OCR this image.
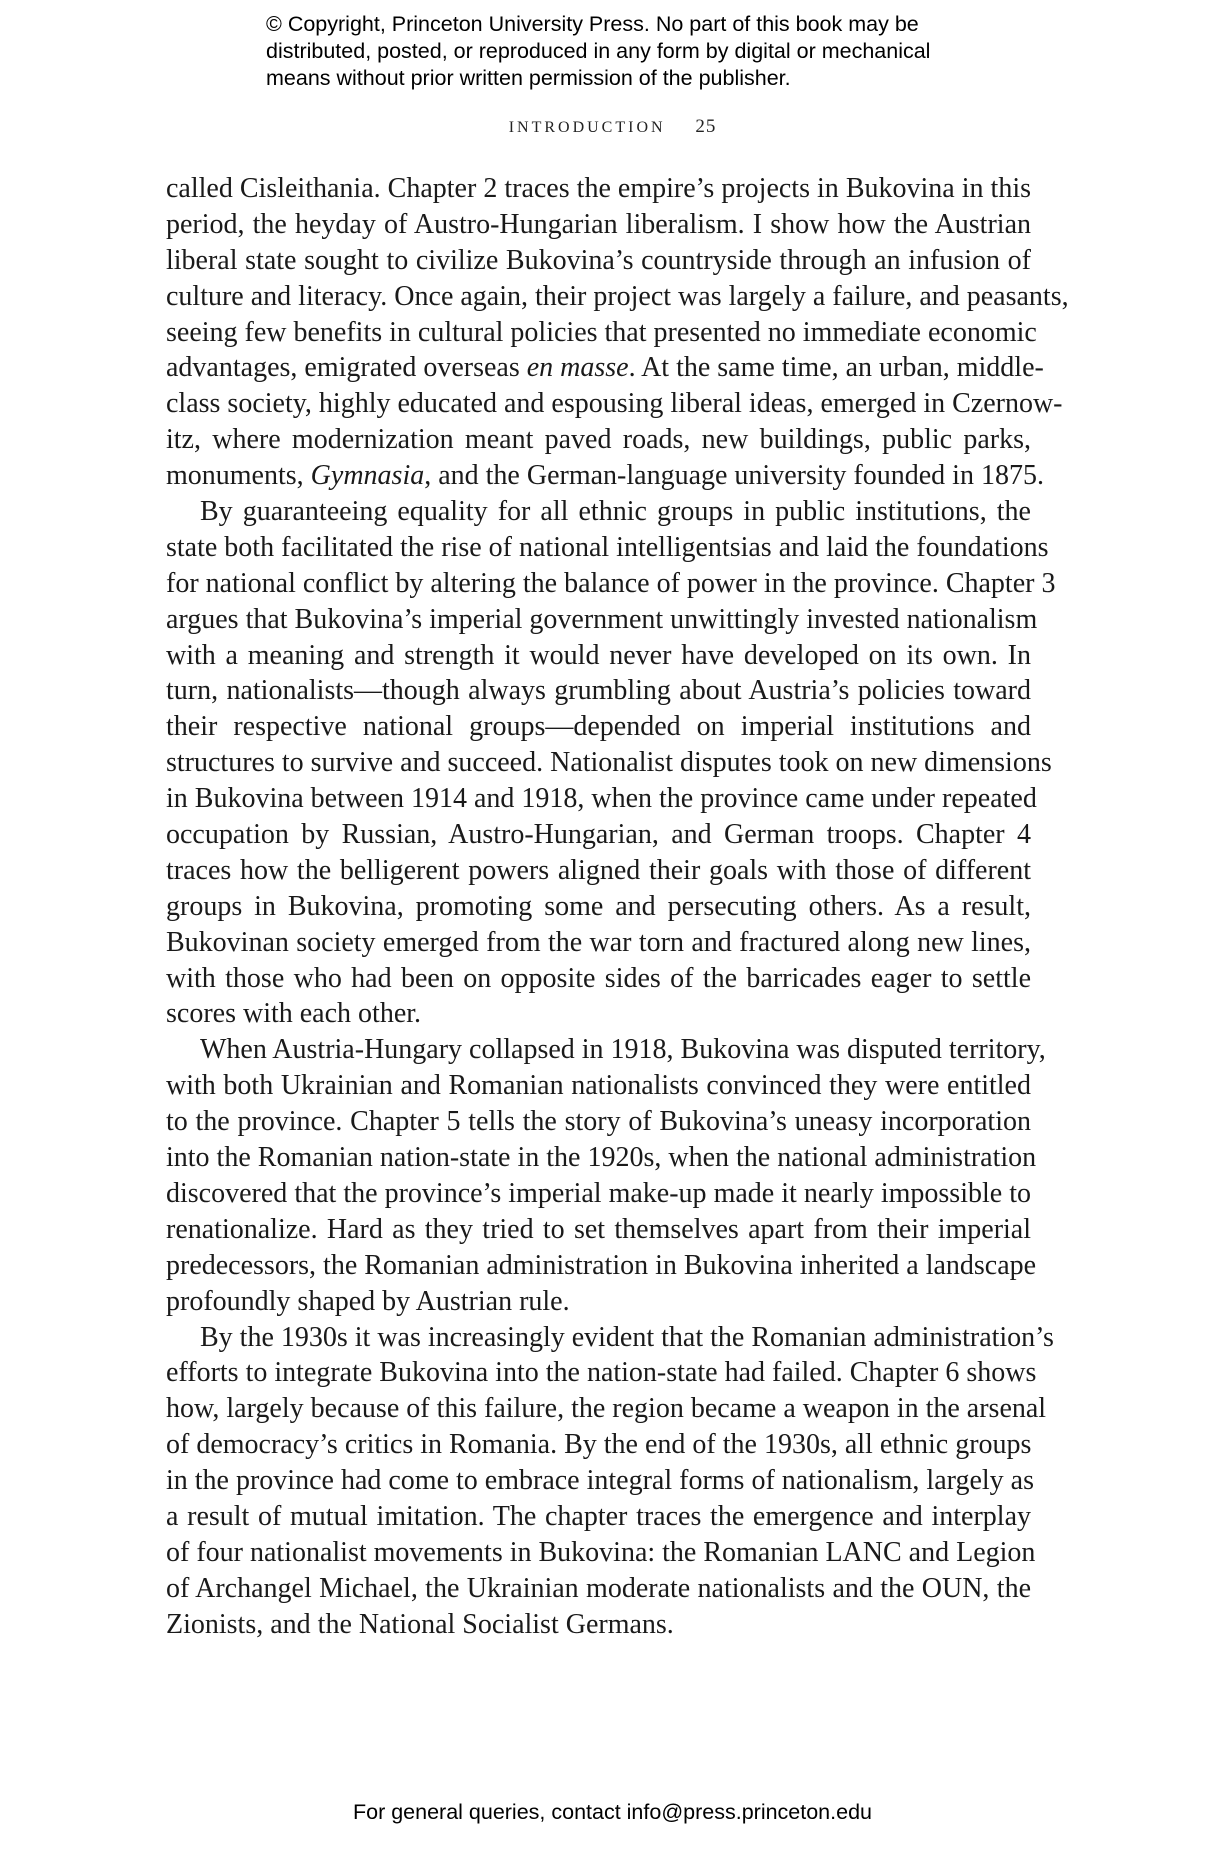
© Copyright, Princeton University Press. No part of this book may be
distributed, posted, or reproduced in any form by digital or mechanical
means without prior written permission of the publisher.
INTRODUCTION 25
called Cisleithania. Chapter 2 traces the empire’s projects in Bukovina in this
period, the heyday of Austro-Hungarian liberalism. I show how the Austrian
liberal state sought to civilize Bukovina’s countryside through an infusion of
culture and literacy. Once again, their project was largely a failure, and peasants,
seeing few benefits in cultural policies that presented no immediate economic
advantages, emigrated overseas en masse. At the same time, an urban, middle-
class society, highly educated and espousing liberal ideas, emerged in Czernow-
itz, where modernization meant paved roads, new buildings, public parks,
monuments, Gymnasia, and the German-language university founded in 1875.
By guaranteeing equality for all ethnic groups in public institutions, the
state both facilitated the rise of national intelligentsias and laid the foundations
for national conflict by altering the balance of power in the province. Chapter 3
argues that Bukovina’s imperial government unwittingly invested nationalism
with a meaning and strength it would never have developed on its own. In
turn, nationalists—though always grumbling about Austria’s policies toward
their respective national groups—depended on imperial institutions and
structures to survive and succeed. Nationalist disputes took on new dimensions
in Bukovina between 1914 and 1918, when the province came under repeated
occupation by Russian, Austro-Hungarian, and German troops. Chapter 4
traces how the belligerent powers aligned their goals with those of different
groups in Bukovina, promoting some and persecuting others. As a result,
Bukovinan society emerged from the war torn and fractured along new lines,
with those who had been on opposite sides of the barricades eager to settle
scores with each other.
When Austria-Hungary collapsed in 1918, Bukovina was disputed territory,
with both Ukrainian and Romanian nationalists convinced they were entitled
to the province. Chapter 5 tells the story of Bukovina’s uneasy incorporation
into the Romanian nation-state in the 1920s, when the national administration
discovered that the province’s imperial make-up made it nearly impossible to
renationalize. Hard as they tried to set themselves apart from their imperial
predecessors, the Romanian administration in Bukovina inherited a landscape
profoundly shaped by Austrian rule.
By the 1930s it was increasingly evident that the Romanian administration’s
efforts to integrate Bukovina into the nation-state had failed. Chapter 6 shows
how, largely because of this failure, the region became a weapon in the arsenal
of democracy’s critics in Romania. By the end of the 1930s, all ethnic groups
in the province had come to embrace integral forms of nationalism, largely as
a result of mutual imitation. The chapter traces the emergence and interplay
of four nationalist movements in Bukovina: the Romanian LANC and Legion
of Archangel Michael, the Ukrainian moderate nationalists and the OUN, the
Zionists, and the National Socialist Germans.
For general queries, contact info@press.princeton.edu
